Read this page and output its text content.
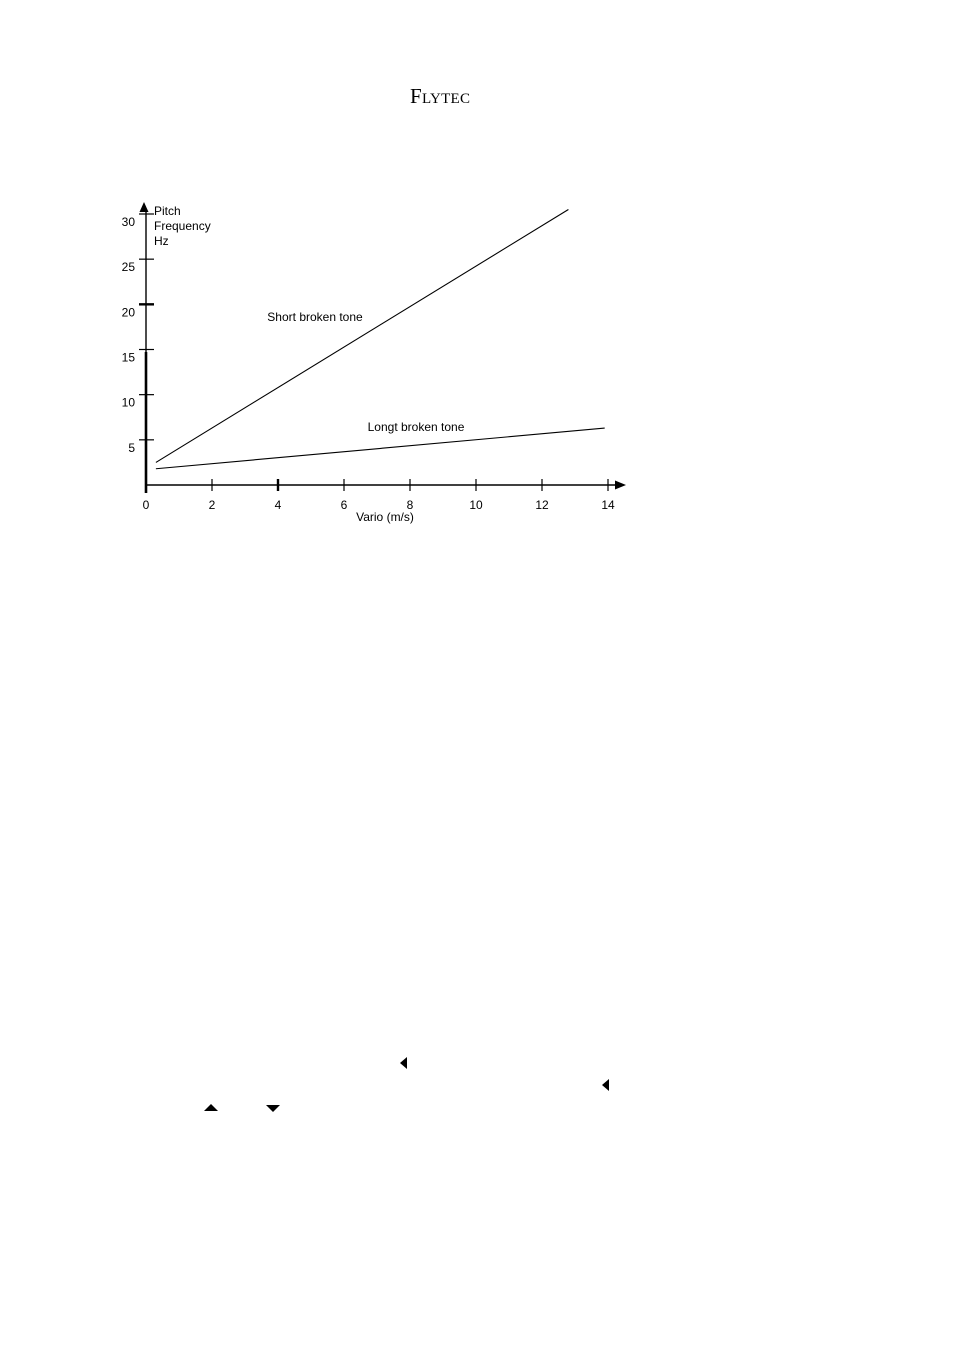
FLYTEC
0	2	4	6	8	10	12	14
5
10
15
20
25
30
Pitch
Frequency
Hz
Vario (m/s)
Short broken tone
Longt broken tone
